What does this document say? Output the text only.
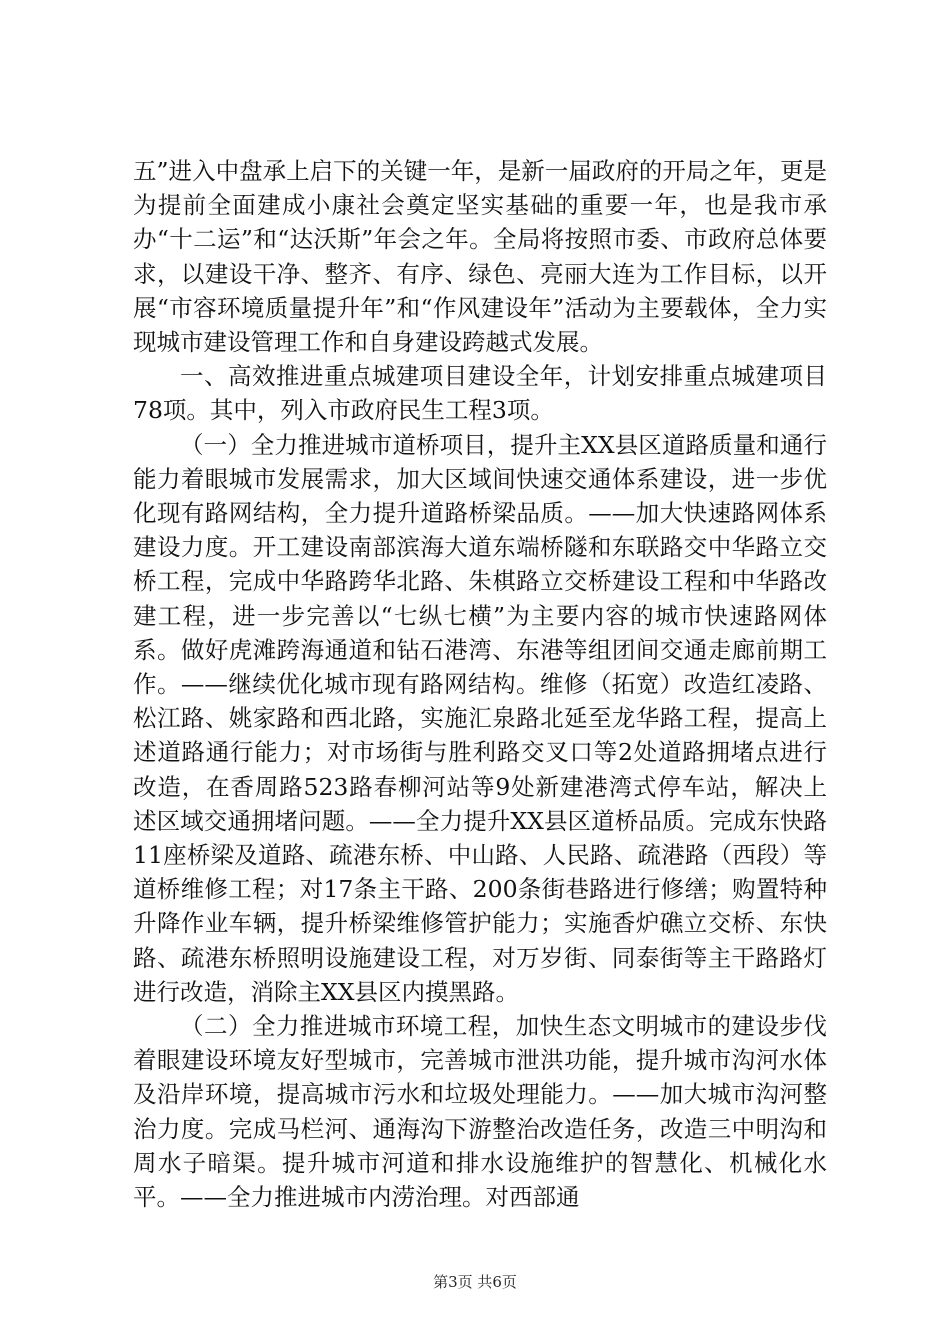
五”进入中盘承上启下的关键一年，是新一届政府的开局之年，更是为提前全面建成小康社会奠定坚实基础的重要一年，也是我市承办“十二运”和“达沃斯”年会之年。全局将按照市委、市政府总体要求，以建设干净、整齐、有序、绿色、亮丽大连为工作目标，以开展“市容环境质量提升年”和“作风建设年”活动为主要载体，全力实现城市建设管理工作和自身建设跨越式发展。

一、高效推进重点城建项目建设全年，计划安排重点城建项目78项。其中，列入市政府民生工程3项。

（一）全力推进城市道桥项目，提升主XX县区道路质量和通行能力着眼城市发展需求，加大区域间快速交通体系建设，进一步优化现有路网结构，全力提升道路桥梁品质。——加大快速路网体系建设力度。开工建设南部滨海大道东端桥隧和东联路交中华路立交桥工程，完成中华路跨华北路、朱棋路立交桥建设工程和中华路改建工程，进一步完善以“七纵七横”为主要内容的城市快速路网体系。做好虎滩跨海通道和钻石港湾、东港等组团间交通走廊前期工作。——继续优化城市现有路网结构。维修（拓宽）改造红凌路、松江路、姚家路和西北路，实施汇泉路北延至龙华路工程，提高上述道路通行能力；对市场街与胜利路交叉口等2处道路拥堵点进行改造，在香周路523路春柳河站等9处新建港湾式停车站，解决上述区域交通拥堵问题。——全力提升XX县区道桥品质。完成东快路11座桥梁及道路、疏港东桥、中山路、人民路、疏港路（西段）等道桥维修工程；对17条主干路、200条街巷路进行修缮；购置特种升降作业车辆，提升桥梁维修管护能力；实施香炉礁立交桥、东快路、疏港东桥照明设施建设工程，对万岁街、同泰街等主干路路灯进行改造，消除主XX县区内摸黑路。

（二）全力推进城市环境工程，加快生态文明城市的建设步伐着眼建设环境友好型城市，完善城市泄洪功能，提升城市沟河水体及沿岸环境，提高城市污水和垃圾处理能力。——加大城市沟河整治力度。完成马栏河、通海沟下游整治改造任务，改造三中明沟和周水子暗渠。提升城市河道和排水设施维护的智慧化、机械化水平。——全力推进城市内涝治理。对西部通

第3页 共6页
